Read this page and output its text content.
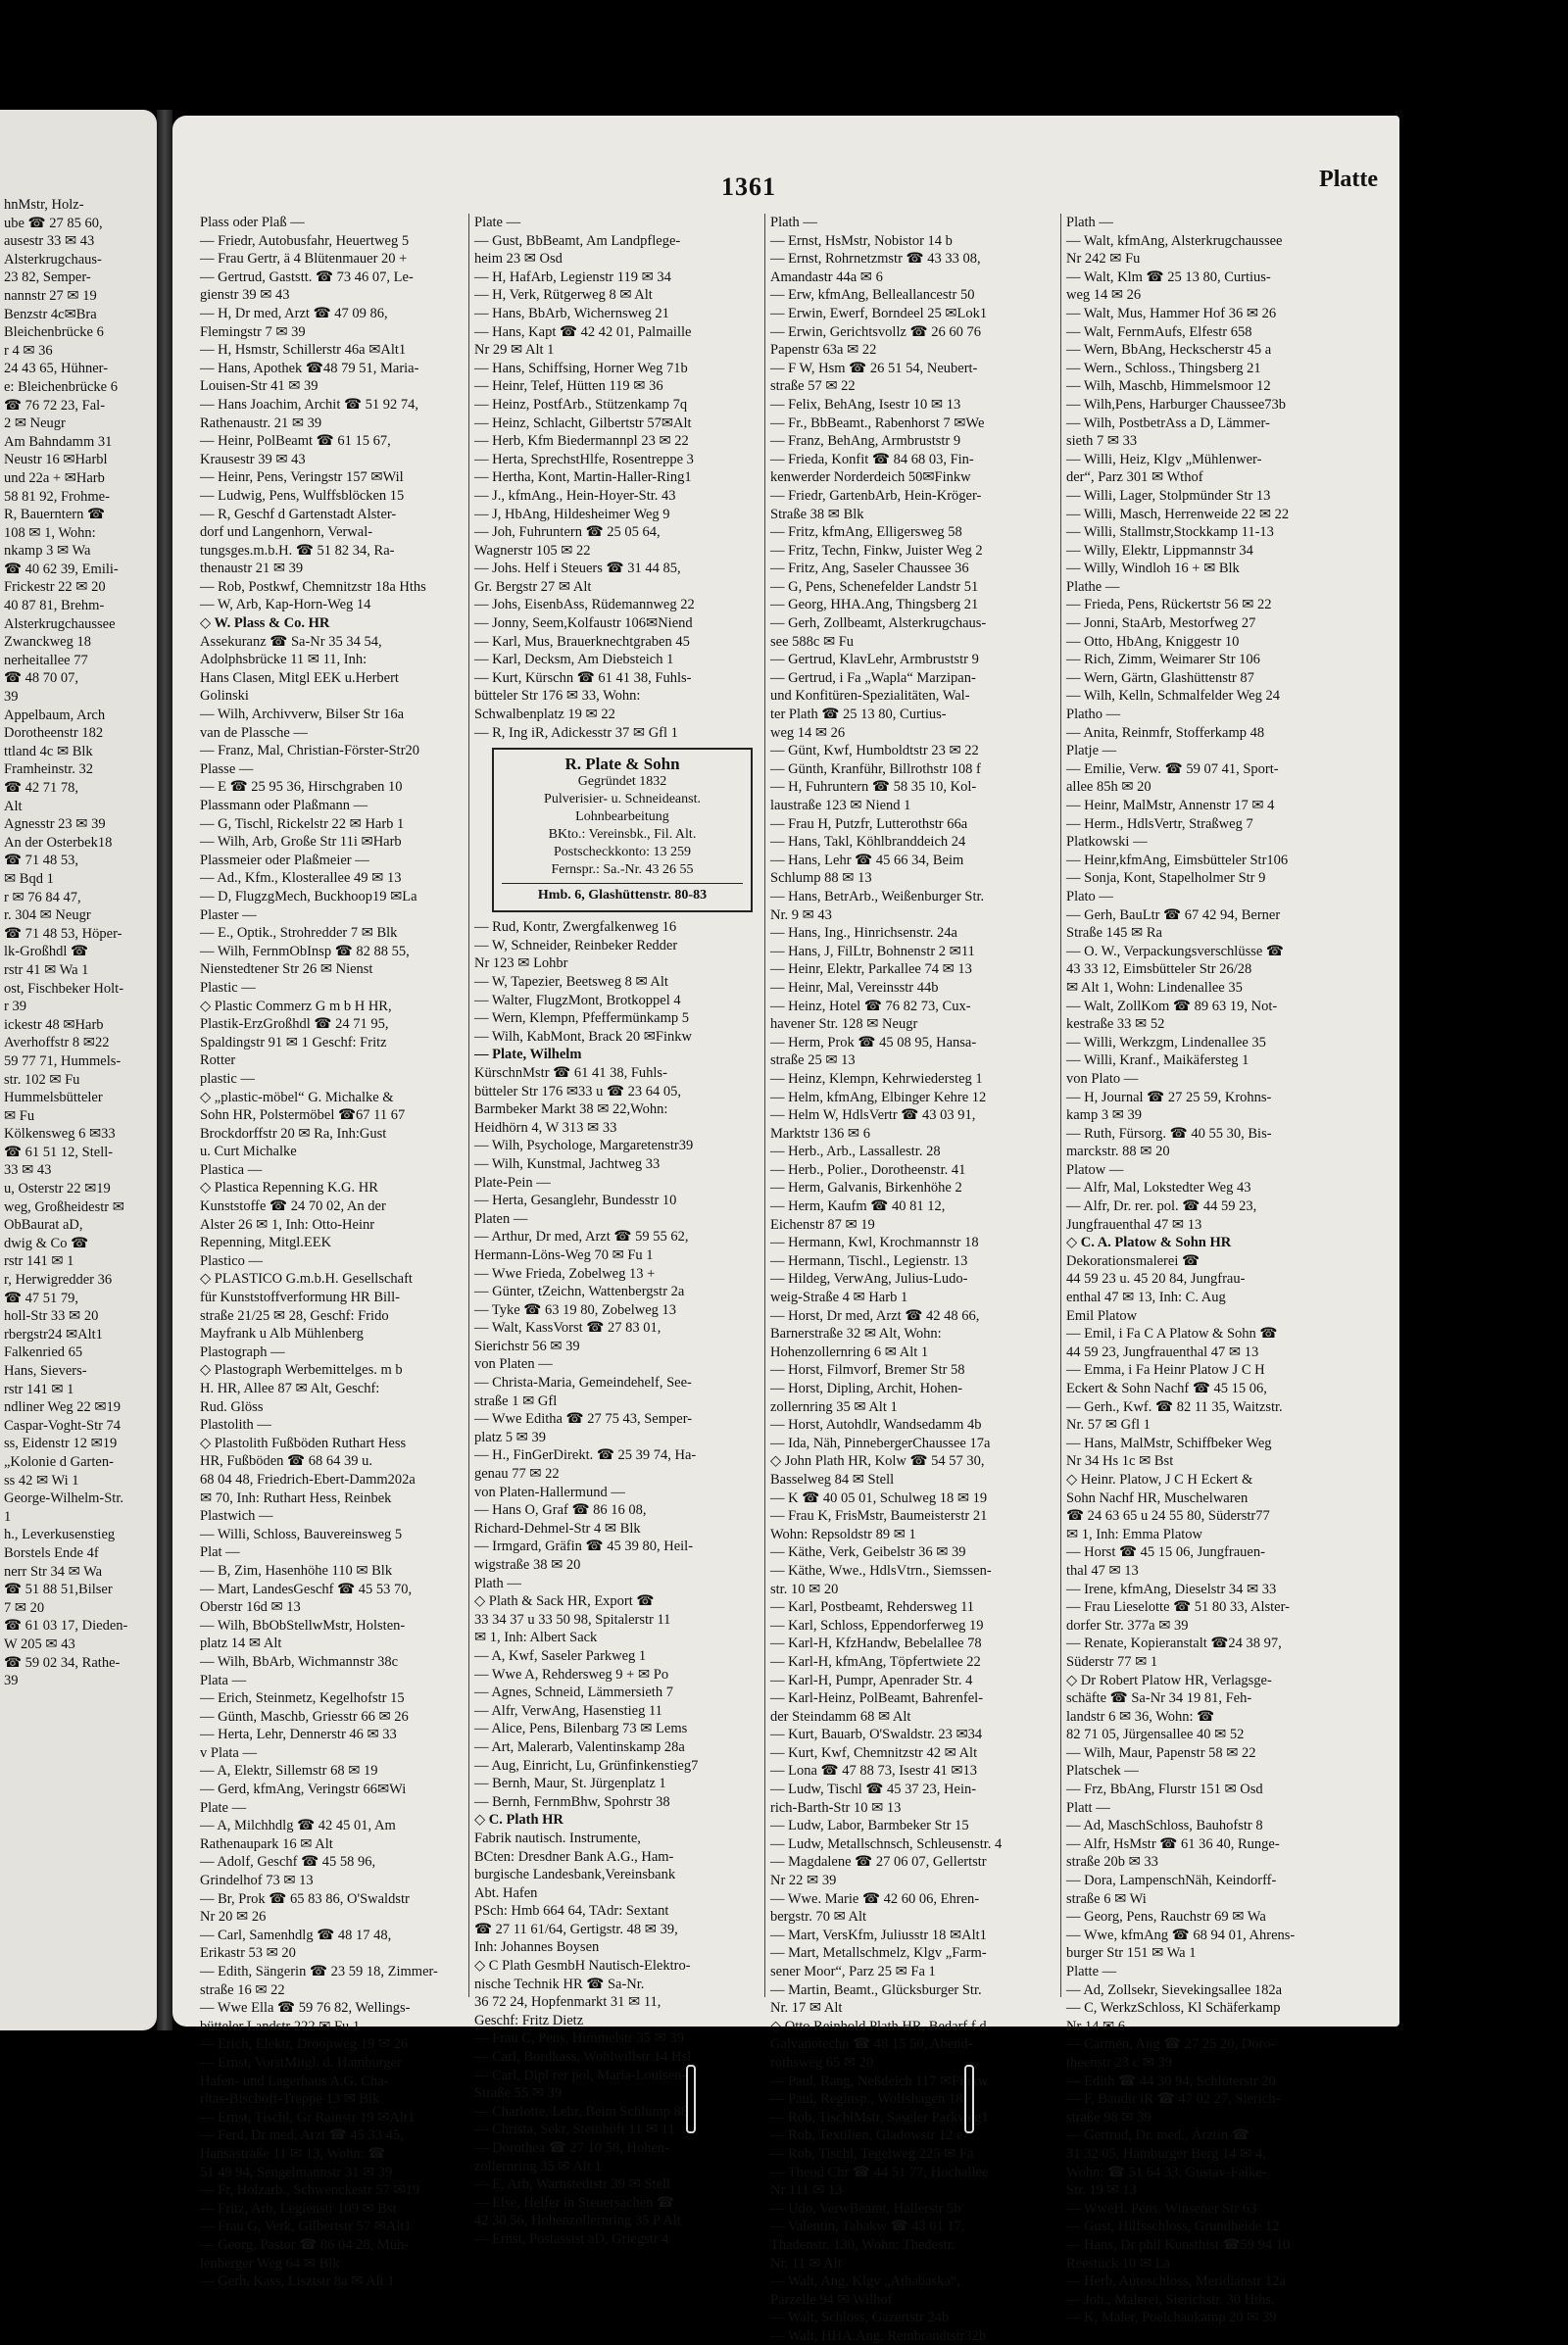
hnMstr, Holz-
ube ☎ 27 85 60,
ausestr 33 ✉ 43
Alsterkrugchaus-
23 82, Semper-
nannstr 27 ✉ 19
Benzstr 4c✉Bra
Bleichenbrücke 6
r 4 ✉ 36
24 43 65, Hühner-
e: Bleichenbrücke 6
☎ 76 72 23, Fal-
2 ✉ Neugr
Am Bahndamm 31
Neustr 16 ✉Harbl
und 22a + ✉Harb
58 81 92, Frohme-
R, Bauerntern ☎
108 ✉ 1, Wohn:
nkamp 3 ✉ Wa
☎ 40 62 39, Emili-
Frickestr 22 ✉ 20
40 87 81, Brehm-
Alsterkrugchaussee
Zwanckweg 18
nerheitallee 77
☎ 48 70 07,
39
Appelbaum, Arch
Dorotheenstr 182
ttland 4c ✉ Blk
Framheinstr. 32
☎ 42 71 78,
Alt
Agnesstr 23 ✉ 39
An der Osterbek18
☎ 71 48 53,
✉ Bqd 1
r ✉ 76 84 47,
r. 304 ✉ Neugr
☎ 71 48 53, Höper-
lk-Großhdl ☎
rstr 41 ✉ Wa 1
ost, Fischbeker Holt-
r 39
ickestr 48 ✉Harb
Averhoffstr 8 ✉22
59 77 71, Hummels-
str. 102 ✉ Fu
Hummelsbütteler
✉ Fu
Kölkensweg 6 ✉33
☎ 61 51 12, Stell-
33 ✉ 43
u, Osterstr 22 ✉19
weg, Großheidestr ✉
ObBaurat aD,
dwig & Co ☎
rstr 141 ✉ 1
r, Herwigredder 36
☎ 47 51 79,
holl-Str 33 ✉ 20
rbergstr24 ✉Alt1
Falkenried 65
Hans, Sievers-
rstr 141 ✉ 1
ndliner Weg 22 ✉19
Caspar-Voght-Str 74
ss, Eidenstr 12 ✉19
„Kolonie d Garten-
ss 42 ✉ Wi 1
George-Wilhelm-Str.
1
h., Leverkusenstieg
Borstels Ende 4f
nerr Str 34 ✉ Wa
☎ 51 88 51,Bilser
7 ✉ 20
☎ 61 03 17, Dieden-
W 205 ✉ 43
☎ 59 02 34, Rathe-
39
1361	Platte
Plass oder Plaß —
— Friedr, Autobusfahr, Heuertweg 5
— Frau Gertr, ä 4 Blütenmauer 20 +
— Gertrud, Gaststt. ☎ 73 46 07, Le-
gienstr 39 ✉ 43
— H, Dr med, Arzt ☎ 47 09 86,
Flemingstr 7 ✉ 39
— H, Hsmstr, Schillerstr 46a ✉Alt1
— Hans, Apothek ☎48 79 51, Maria-
Louisen-Str 41 ✉ 39
— Hans Joachim, Archit ☎ 51 92 74,
Rathenaustr. 21 ✉ 39
— Heinr, PolBeamt ☎ 61 15 67,
Krausestr 39 ✉ 43
— Heinr, Pens, Veringstr 157 ✉Wil
— Ludwig, Pens, Wulffsblöcken 15
— R, Geschf d Gartenstadt Alster-
dorf und Langenhorn, Verwal-
tungsges.m.b.H. ☎ 51 82 34, Ra-
thenaustr 21 ✉ 39
— Rob, Postkwf, Chemnitzstr 18a Hths
— W, Arb, Kap-Horn-Weg 14
◇ W. Plass & Co. HR
Assekuranz ☎ Sa-Nr 35 34 54,
Adolphsbrücke 11 ✉ 11, Inh:
Hans Clasen, Mitgl EEK u.Herbert
Golinski
— Wilh, Archivverw, Bilser Str 16a
van de Plassche —
— Franz, Mal, Christian-Förster-Str20
Plasse —
— E ☎ 25 95 36, Hirschgraben 10
Plassmann oder Plaßmann —
— G, Tischl, Rickelstr 22 ✉ Harb 1
— Wilh, Arb, Große Str 11i ✉Harb
Plassmeier oder Plaßmeier —
— Ad., Kfm., Klosterallee 49 ✉ 13
— D, FlugzgMech, Buckhoop19 ✉La
Plaster —
— E., Optik., Strohredder 7 ✉ Blk
— Wilh, FernmObInsp ☎ 82 88 55,
Nienstedtener Str 26 ✉ Nienst
Plastic —
◇ Plastic Commerz G m b H HR,
Plastik-ErzGroßhdl ☎ 24 71 95,
Spaldingstr 91 ✉ 1 Geschf: Fritz
Rotter
plastic —
◇ „plastic-möbel“ G. Michalke &
Sohn HR, Polstermöbel ☎67 11 67
Brockdorffstr 20 ✉ Ra, Inh:Gust
u. Curt Michalke
Plastica —
◇ Plastica Repenning K.G. HR
Kunststoffe ☎ 24 70 02, An der
Alster 26 ✉ 1, Inh: Otto-Heinr
Repenning, Mitgl.EEK
Plastico —
◇ PLASTICO G.m.b.H. Gesellschaft
für Kunststoffverformung HR Bill-
straße 21/25 ✉ 28, Geschf: Frido
Mayfrank u Alb Mühlenberg
Plastograph —
◇ Plastograph Werbemittelges. m b
H. HR, Allee 87 ✉ Alt, Geschf:
Rud. Glöss
Plastolith —
◇ Plastolith Fußböden Ruthart Hess
HR, Fußböden ☎ 68 64 39 u.
68 04 48, Friedrich-Ebert-Damm202a
✉ 70, Inh: Ruthart Hess, Reinbek
Plastwich —
— Willi, Schloss, Bauvereinsweg 5
Plat —
— B, Zim, Hasenhöhe 110 ✉ Blk
— Mart, LandesGeschf ☎ 45 53 70,
Oberstr 16d ✉ 13
— Wilh, BbObStellwMstr, Holsten-
platz 14 ✉ Alt
— Wilh, BbArb, Wichmannstr 38c
Plata —
— Erich, Steinmetz, Kegelhofstr 15
— Günth, Maschb, Griesstr 66 ✉ 26
— Herta, Lehr, Dennerstr 46 ✉ 33
v Plata —
— A, Elektr, Sillemstr 68 ✉ 19
— Gerd, kfmAng, Veringstr 66✉Wi
Plate —
— A, Milchhdlg ☎ 42 45 01, Am
Rathenaupark 16 ✉ Alt
— Adolf, Geschf ☎ 45 58 96,
Grindelhof 73 ✉ 13
— Br, Prok ☎ 65 83 86, O'Swaldstr
Nr 20 ✉ 26
— Carl, Samenhdlg ☎ 48 17 48,
Erikastr 53 ✉ 20
— Edith, Sängerin ☎ 23 59 18, Zimmer-
straße 16 ✉ 22
— Wwe Ella ☎ 59 76 82, Wellings-
bütteler Landstr 222 ✉ Fu 1
— Erich, Elektr, Droopweg 19 ✉ 26
— Ernst, VorstMitgl. d. Hamburger
Hafen- und Lagerhaus A.G. Cha-
ritas-Bischoff-Treppe 13 ✉ Blk
— Ernst, Tischl, Gr Rainstr 19 ✉Alt1
— Ferd, Dr med, Arzt ☎ 45 33 45,
Hansastraße 11 ✉ 13, Wohn: ☎
51 49 94, Sengelmannstr 31 ✉ 39
— Fr, Holzarb., Schwenckestr 57 ✉19
— Fritz, Arb, Legienstr 109 ✉ Bst
— Frau G, Verk, Gilbertstr 57 ✉Alt1
— Georg, Pastor ☎ 86 04 28, Müh-
lenberger Weg 64 ✉ Blk
— Gerh, Kass, Lisztstr 8a ✉ Alt 1
Plate —
— Gust, BbBeamt, Am Landpflege-
heim 23 ✉ Osd
— H, HafArb, Legienstr 119 ✉ 34
— H, Verk, Rütgerweg 8 ✉ Alt
— Hans, BbArb, Wichernsweg 21
— Hans, Kapt ☎ 42 42 01, Palmaille
Nr 29 ✉ Alt 1
— Hans, Schiffsing, Horner Weg 71b
— Heinr, Telef, Hütten 119 ✉ 36
— Heinz, PostfArb., Stützenkamp 7q
— Heinz, Schlacht, Gilbertstr 57✉Alt
— Herb, Kfm Biedermannpl 23 ✉ 22
— Herta, SprechstHlfe, Rosentreppe 3
— Hertha, Kont, Martin-Haller-Ring1
— J., kfmAng., Hein-Hoyer-Str. 43
— J, HbAng, Hildesheimer Weg 9
— Joh, Fuhruntern ☎ 25 05 64,
Wagnerstr 105 ✉ 22
— Johs. Helf i Steuers ☎ 31 44 85,
Gr. Bergstr 27 ✉ Alt
— Johs, EisenbAss, Rüdemannweg 22
— Jonny, Seem,Kolfaustr 106✉Niend
— Karl, Mus, Brauerknechtgraben 45
— Karl, Decksm, Am Diebsteich 1
— Kurt, Kürschn ☎ 61 41 38, Fuhls-
bütteler Str 176 ✉ 33, Wohn:
Schwalbenplatz 19 ✉ 22
— R, Ing iR, Adickesstr 37 ✉ Gfl 1
R. Plate & Sohn
Gegründet 1832
Pulverisier- u. Schneideanst.
Lohnbearbeitung
BKto.: Vereinsbk., Fil. Alt.
Postscheckkonto: 13 259
Fernspr.: Sa.-Nr. 43 26 55
Hmb. 6, Glashüttenstr. 80-83
— Rud, Kontr, Zwergfalkenweg 16
— W, Schneider, Reinbeker Redder
Nr 123 ✉ Lohbr
— W, Tapezier, Beetsweg 8 ✉ Alt
— Walter, FlugzMont, Brotkoppel 4
— Wern, Klempn, Pfeffermünkamp 5
— Wilh, KabMont, Brack 20 ✉Finkw
— Plate, Wilhelm
KürschnMstr ☎ 61 41 38, Fuhls-
bütteler Str 176 ✉33 u ☎ 23 64 05,
Barmbeker Markt 38 ✉ 22,Wohn:
Heidhörn 4, W 313 ✉ 33
— Wilh, Psychologe, Margaretenstr39
— Wilh, Kunstmal, Jachtweg 33
Plate-Pein —
— Herta, Gesanglehr, Bundesstr 10
Platen —
— Arthur, Dr med, Arzt ☎ 59 55 62,
Hermann-Löns-Weg 70 ✉ Fu 1
— Wwe Frieda, Zobelweg 13 +
— Günter, tZeichn, Wattenbergstr 2a
— Tyke ☎ 63 19 80, Zobelweg 13
— Walt, KassVorst ☎ 27 83 01,
Sierichstr 56 ✉ 39
von Platen —
— Christa-Maria, Gemeindehelf, See-
straße 1 ✉ Gfl
— Wwe Editha ☎ 27 75 43, Semper-
platz 5 ✉ 39
— H., FinGerDirekt. ☎ 25 39 74, Ha-
genau 77 ✉ 22
von Platen-Hallermund —
— Hans O, Graf ☎ 86 16 08,
Richard-Dehmel-Str 4 ✉ Blk
— Irmgard, Gräfin ☎ 45 39 80, Heil-
wigstraße 38 ✉ 20
Plath —
◇ Plath & Sack HR, Export ☎
33 34 37 u 33 50 98, Spitalerstr 11
✉ 1, Inh: Albert Sack
— A, Kwf, Saseler Parkweg 1
— Wwe A, Rehdersweg 9 + ✉ Po
— Agnes, Schneid, Lämmersieth 7
— Alfr, VerwAng, Hasenstieg 11
— Alice, Pens, Bilenbarg 73 ✉ Lems
— Art, Malerarb, Valentinskamp 28a
— Aug, Einricht, Lu, Grünfinkenstieg7
— Bernh, Maur, St. Jürgenplatz 1
— Bernh, FernmBhw, Spohrstr 38
◇ C. Plath HR
Fabrik nautisch. Instrumente,
BCten: Dresdner Bank A.G., Ham-
burgische Landesbank,Vereinsbank
Abt. Hafen
PSch: Hmb 664 64, TAdr: Sextant
☎ 27 11 61/64, Gertigstr. 48 ✉ 39,
Inh: Johannes Boysen
◇ C Plath GesmbH Nautisch-Elektro-
nische Technik HR ☎ Sa-Nr.
36 72 24, Hopfenmarkt 31 ✉ 11,
Geschf: Fritz Dietz
— Frau C, Pens, Himmelstr 35 ✉ 39
— Carl, Bordkass, Wohlwillstr 14 Hsl
— Carl, Dipl rer pol, Maria-Louisen-
Straße 55 ✉ 39
— Charlotte, Lehr, Beim Schlump 88
— Christa, Sekr, Steinhöft 11 ✉ 11
— Dorothea ☎ 27 10 58, Hohen-
zollernring 35 ✉ Alt 1
— E, Arb, Warnstedtstr 39 ✉ Stell
— Else, Helfer in Steuersachen ☎
42 30 56, Hohenzollernring 35 P Alt
— Ernst, Postassist aD, Griegstr 4
Plath —
— Ernst, HsMstr, Nobistor 14 b
— Ernst, Rohrnetzmstr ☎ 43 33 08,
Amandastr 44a ✉ 6
— Erw, kfmAng, Belleallancestr 50
— Erwin, Ewerf, Borndeel 25 ✉Lok1
— Erwin, Gerichtsvollz ☎ 26 60 76
Papenstr 63a ✉ 22
— F W, Hsm ☎ 26 51 54, Neubert-
straße 57 ✉ 22
— Felix, BehAng, Isestr 10 ✉ 13
— Fr., BbBeamt., Rabenhorst 7 ✉We
— Franz, BehAng, Armbruststr 9
— Frieda, Konfit ☎ 84 68 03, Fin-
kenwerder Norderdeich 50✉Finkw
— Friedr, GartenbArb, Hein-Kröger-
Straße 38 ✉ Blk
— Fritz, kfmAng, Elligersweg 58
— Fritz, Techn, Finkw, Juister Weg 2
— Fritz, Ang, Saseler Chaussee 36
— G, Pens, Schenefelder Landstr 51
— Georg, HHA.Ang, Thingsberg 21
— Gerh, Zollbeamt, Alsterkrugchaus-
see 588c ✉ Fu
— Gertrud, KlavLehr, Armbruststr 9
— Gertrud, i Fa „Wapla“ Marzipan-
und Konfitüren-Spezialitäten, Wal-
ter Plath ☎ 25 13 80, Curtius-
weg 14 ✉ 26
— Günt, Kwf, Humboldtstr 23 ✉ 22
— Günth, Kranführ, Billrothstr 108 f
— H, Fuhruntern ☎ 58 35 10, Kol-
laustraße 123 ✉ Niend 1
— Frau H, Putzfr, Lutterothstr 66a
— Hans, Takl, Köhlbranddeich 24
— Hans, Lehr ☎ 45 66 34, Beim
Schlump 88 ✉ 13
— Hans, BetrArb., Weißenburger Str.
Nr. 9 ✉ 43
— Hans, Ing., Hinrichsenstr. 24a
— Hans, J, FilLtr, Bohnenstr 2 ✉11
— Heinr, Elektr, Parkallee 74 ✉ 13
— Heinr, Mal, Vereinsstr 44b
— Heinz, Hotel ☎ 76 82 73, Cux-
havener Str. 128 ✉ Neugr
— Herm, Prok ☎ 45 08 95, Hansa-
straße 25 ✉ 13
— Heinz, Klempn, Kehrwiedersteg 1
— Helm, kfmAng, Elbinger Kehre 12
— Helm W, HdlsVertr ☎ 43 03 91,
Marktstr 136 ✉ 6
— Herb., Arb., Lassallestr. 28
— Herb., Polier., Dorotheenstr. 41
— Herm, Galvanis, Birkenhöhe 2
— Herm, Kaufm ☎ 40 81 12,
Eichenstr 87 ✉ 19
— Hermann, Kwl, Krochmannstr 18
— Hermann, Tischl., Legienstr. 13
— Hildeg, VerwAng, Julius-Ludo-
weig-Straße 4 ✉ Harb 1
— Horst, Dr med, Arzt ☎ 42 48 66,
Barnerstraße 32 ✉ Alt, Wohn:
Hohenzollernring 6 ✉ Alt 1
— Horst, Filmvorf, Bremer Str 58
— Horst, Dipling, Archit, Hohen-
zollernring 35 ✉ Alt 1
— Horst, Autohdlr, Wandsedamm 4b
— Ida, Näh, PinnebergerChaussee 17a
◇ John Plath HR, Kolw ☎ 54 57 30,
Basselweg 84 ✉ Stell
— K ☎ 40 05 01, Schulweg 18 ✉ 19
— Frau K, FrisMstr, Baumeisterstr 21
Wohn: Repsoldstr 89 ✉ 1
— Käthe, Verk, Geibelstr 36 ✉ 39
— Käthe, Wwe., HdlsVtrn., Siemssen-
str. 10 ✉ 20
— Karl, Postbeamt, Rehdersweg 11
— Karl, Schloss, Eppendorferweg 19
— Karl-H, KfzHandw, Bebelallee 78
— Karl-H, kfmAng, Töpfertwiete 22
— Karl-H, Pumpr, Apenrader Str. 4
— Karl-Heinz, PolBeamt, Bahrenfel-
der Steindamm 68 ✉ Alt
— Kurt, Bauarb, O'Swaldstr. 23 ✉34
— Kurt, Kwf, Chemnitzstr 42 ✉ Alt
— Lona ☎ 47 88 73, Isestr 41 ✉13
— Ludw, Tischl ☎ 45 37 23, Hein-
rich-Barth-Str 10 ✉ 13
— Ludw, Labor, Barmbeker Str 15
— Ludw, Metallschnsch, Schleusenstr. 4
— Magdalene ☎ 27 06 07, Gellertstr
Nr 22 ✉ 39
— Wwe. Marie ☎ 42 60 06, Ehren-
bergstr. 70 ✉ Alt
— Mart, VersKfm, Juliusstr 18 ✉Alt1
— Mart, Metallschmelz, Klgv „Farm-
sener Moor“, Parz 25 ✉ Fa 1
— Martin, Beamt., Glücksburger Str.
Nr. 17 ✉ Alt
◇ Otto Reinhold Plath HR, Bedarf f d
Galvanotechn ☎ 48 15 50, Abend-
rothsweg 65 ✉ 20
— Paul, Rang, Neßdeich 117 ✉Finkw
— Paul, Reginsp., Wolfshagen 18
— Rob, TischlMstr, Saseler Parkweg1
— Rob, Textilien, Gladowstr 12 e
— Rob, Tischl, Tegelweg 225 ✉ Fa
— Theod Chr ☎ 44 51 77, Hochallee
Nr 111 ✉ 13
— Udo, VerwBeamt, Hallerstr 5b
— Valentin, Tabakw ☎ 43 01 17,
Thadenstr. 130, Wohn: Thedestr.
Nr. 11 ✉ Alt
— Walt, Ang, Klgv „Athabaska“,
Parzelle 94 ✉ Wilhof
— Walt, Schloss, Gazertstr 24b
— Walt, HHA.Ang, Rembrandtstr32b
Plath —
— Walt, kfmAng, Alsterkrugchaussee
Nr 242 ✉ Fu
— Walt, Klm ☎ 25 13 80, Curtius-
weg 14 ✉ 26
— Walt, Mus, Hammer Hof 36 ✉ 26
— Walt, FernmAufs, Elfestr 658
— Wern, BbAng, Heckscherstr 45 a
— Wern., Schloss., Thingsberg 21
— Wilh, Maschb, Himmelsmoor 12
— Wilh,Pens, Harburger Chaussee73b
— Wilh, PostbetrAss a D, Lämmer-
sieth 7 ✉ 33
— Willi, Heiz, Klgv „Mühlenwer-
der“, Parz 301 ✉ Wthof
— Willi, Lager, Stolpmünder Str 13
— Willi, Masch, Herrenweide 22 ✉ 22
— Willi, Stallmstr,Stockkamp 11-13
— Willy, Elektr, Lippmannstr 34
— Willy, Windloh 16 + ✉ Blk
Plathe —
— Frieda, Pens, Rückertstr 56 ✉ 22
— Jonni, StaArb, Mestorfweg 27
— Otto, HbAng, Kniggestr 10
— Rich, Zimm, Weimarer Str 106
— Wern, Gärtn, Glashüttenstr 87
— Wilh, Kelln, Schmalfelder Weg 24
Platho —
— Anita, Reinmfr, Stofferkamp 48
Platje —
— Emilie, Verw. ☎ 59 07 41, Sport-
allee 85h ✉ 20
— Heinr, MalMstr, Annenstr 17 ✉ 4
— Herm., HdlsVertr, Straßweg 7
Platkowski —
— Heinr,kfmAng, Eimsbütteler Str106
— Sonja, Kont, Stapelholmer Str 9
Plato —
— Gerh, BauLtr ☎ 67 42 94, Berner
Straße 145 ✉ Ra
— O. W., Verpackungsverschlüsse ☎
43 33 12, Eimsbütteler Str 26/28
✉ Alt 1, Wohn: Lindenallee 35
— Walt, ZollKom ☎ 89 63 19, Not-
kestraße 33 ✉ 52
— Willi, Werkzgm, Lindenallee 35
— Willi, Kranf., Maikäfersteg 1
von Plato —
— H, Journal ☎ 27 25 59, Krohns-
kamp 3 ✉ 39
— Ruth, Fürsorg. ☎ 40 55 30, Bis-
marckstr. 88 ✉ 20
Platow —
— Alfr, Mal, Lokstedter Weg 43
— Alfr, Dr. rer. pol. ☎ 44 59 23,
Jungfrauenthal 47 ✉ 13
◇ C. A. Platow & Sohn HR
Dekorationsmalerei ☎
44 59 23 u. 45 20 84, Jungfrau-
enthal 47 ✉ 13, Inh: C. Aug
Emil Platow
— Emil, i Fa C A Platow & Sohn ☎
44 59 23, Jungfrauenthal 47 ✉ 13
— Emma, i Fa Heinr Platow J C H
Eckert & Sohn Nachf ☎ 45 15 06,
— Gerh., Kwf. ☎ 82 11 35, Waitzstr.
Nr. 57 ✉ Gfl 1
— Hans, MalMstr, Schiffbeker Weg
Nr 34 Hs 1c ✉ Bst
◇ Heinr. Platow, J C H Eckert &
Sohn Nachf HR, Muschelwaren
☎ 24 63 65 u 24 55 80, Süderstr77
✉ 1, Inh: Emma Platow
— Horst ☎ 45 15 06, Jungfrauen-
thal 47 ✉ 13
— Irene, kfmAng, Dieselstr 34 ✉ 33
— Frau Lieselotte ☎ 51 80 33, Alster-
dorfer Str. 377a ✉ 39
— Renate, Kopieranstalt ☎24 38 97,
Süderstr 77 ✉ 1
◇ Dr Robert Platow HR, Verlagsge-
schäfte ☎ Sa-Nr 34 19 81, Feh-
landstr 6 ✉ 36, Wohn: ☎
82 71 05, Jürgensallee 40 ✉ 52
— Wilh, Maur, Papenstr 58 ✉ 22
Platschek —
— Frz, BbAng, Flurstr 151 ✉ Osd
Platt —
— Ad, MaschSchloss, Bauhofstr 8
— Alfr, HsMstr ☎ 61 36 40, Runge-
straße 20b ✉ 33
— Dora, LampenschNäh, Keindorff-
straße 6 ✉ Wi
— Georg, Pens, Rauchstr 69 ✉ Wa
— Wwe, kfmAng ☎ 68 94 01, Ahrens-
burger Str 151 ✉ Wa 1
Platte —
— Ad, Zollsekr, Sievekingsallee 182a
— C, WerkzSchloss, Kl Schäferkamp
Nr 14 ✉ 6
— Carmen, Ang ☎ 27 25 20, Doro-
theenstr 23 c ✉ 39
— Edith ☎ 44 30 94, Schlüterstr 20
— F, Baudir iR ☎ 47 02 27, Sierich-
straße 98 ✉ 39
— Gertrud, Dr. med., Ärztin ☎
31 32 05, Hamburger Berg 14 ✉ 4,
Wohn: ☎ 51 64 33, Gustav-Falke-
Str. 19 ✉ 13
— WweH. Pens. Winsener Str 63
— Gust, Hilfsschloss, Grundheide 12
— Hans, Dr phil Kunsthist ☎59 94 10
Reestück 10 ✉ La
— Herb, Autoschloss, Meridianstr 12a
— Joh., Malerei, Sierichstr. 30 Hths.
— K, Maler, Poelchaukamp 20 ✉ 39
